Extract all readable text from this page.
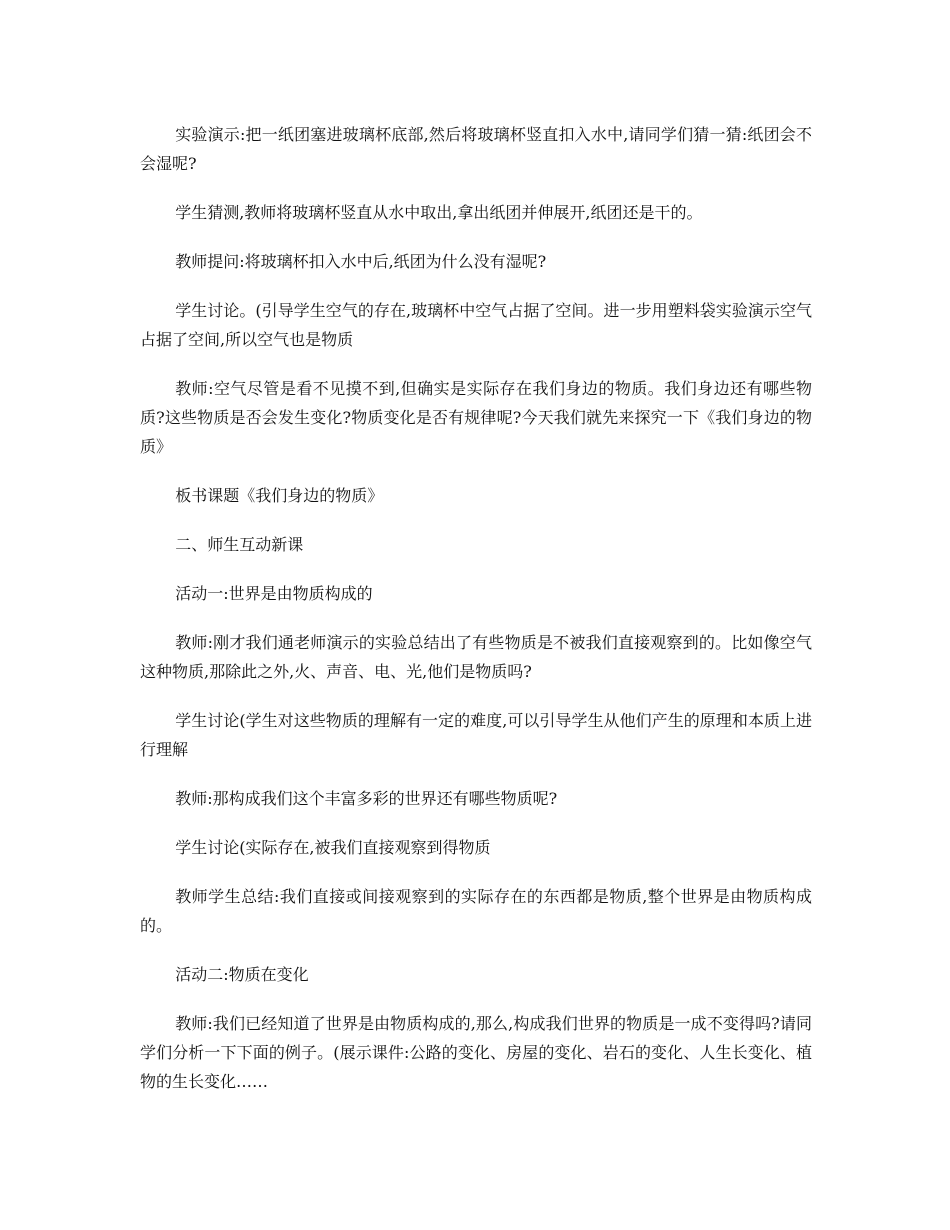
实验演示:把一纸团塞进玻璃杯底部,然后将玻璃杯竖直扣入水中,请同学们猜一猜:纸团会不会湿呢?

学生猜测,教师将玻璃杯竖直从水中取出,拿出纸团并伸展开,纸团还是干的。

教师提问:将玻璃杯扣入水中后,纸团为什么没有湿呢?

学生讨论。(引导学生空气的存在,玻璃杯中空气占据了空间。进一步用塑料袋实验演示空气占据了空间,所以空气也是物质

教师:空气尽管是看不见摸不到,但确实是实际存在我们身边的物质。我们身边还有哪些物质?这些物质是否会发生变化?物质变化是否有规律呢?今天我们就先来探究一下《我们身边的物质》

板书课题《我们身边的物质》

二、师生互动新课

活动一:世界是由物质构成的

教师:刚才我们通老师演示的实验总结出了有些物质是不被我们直接观察到的。比如像空气这种物质,那除此之外,火、声音、电、光,他们是物质吗?

学生讨论(学生对这些物质的理解有一定的难度,可以引导学生从他们产生的原理和本质上进行理解

教师:那构成我们这个丰富多彩的世界还有哪些物质呢?

学生讨论(实际存在,被我们直接观察到得物质

教师学生总结:我们直接或间接观察到的实际存在的东西都是物质,整个世界是由物质构成的。

活动二:物质在变化

教师:我们已经知道了世界是由物质构成的,那么,构成我们世界的物质是一成不变得吗?请同学们分析一下下面的例子。(展示课件:公路的变化、房屋的变化、岩石的变化、人生长变化、植物的生长变化……
